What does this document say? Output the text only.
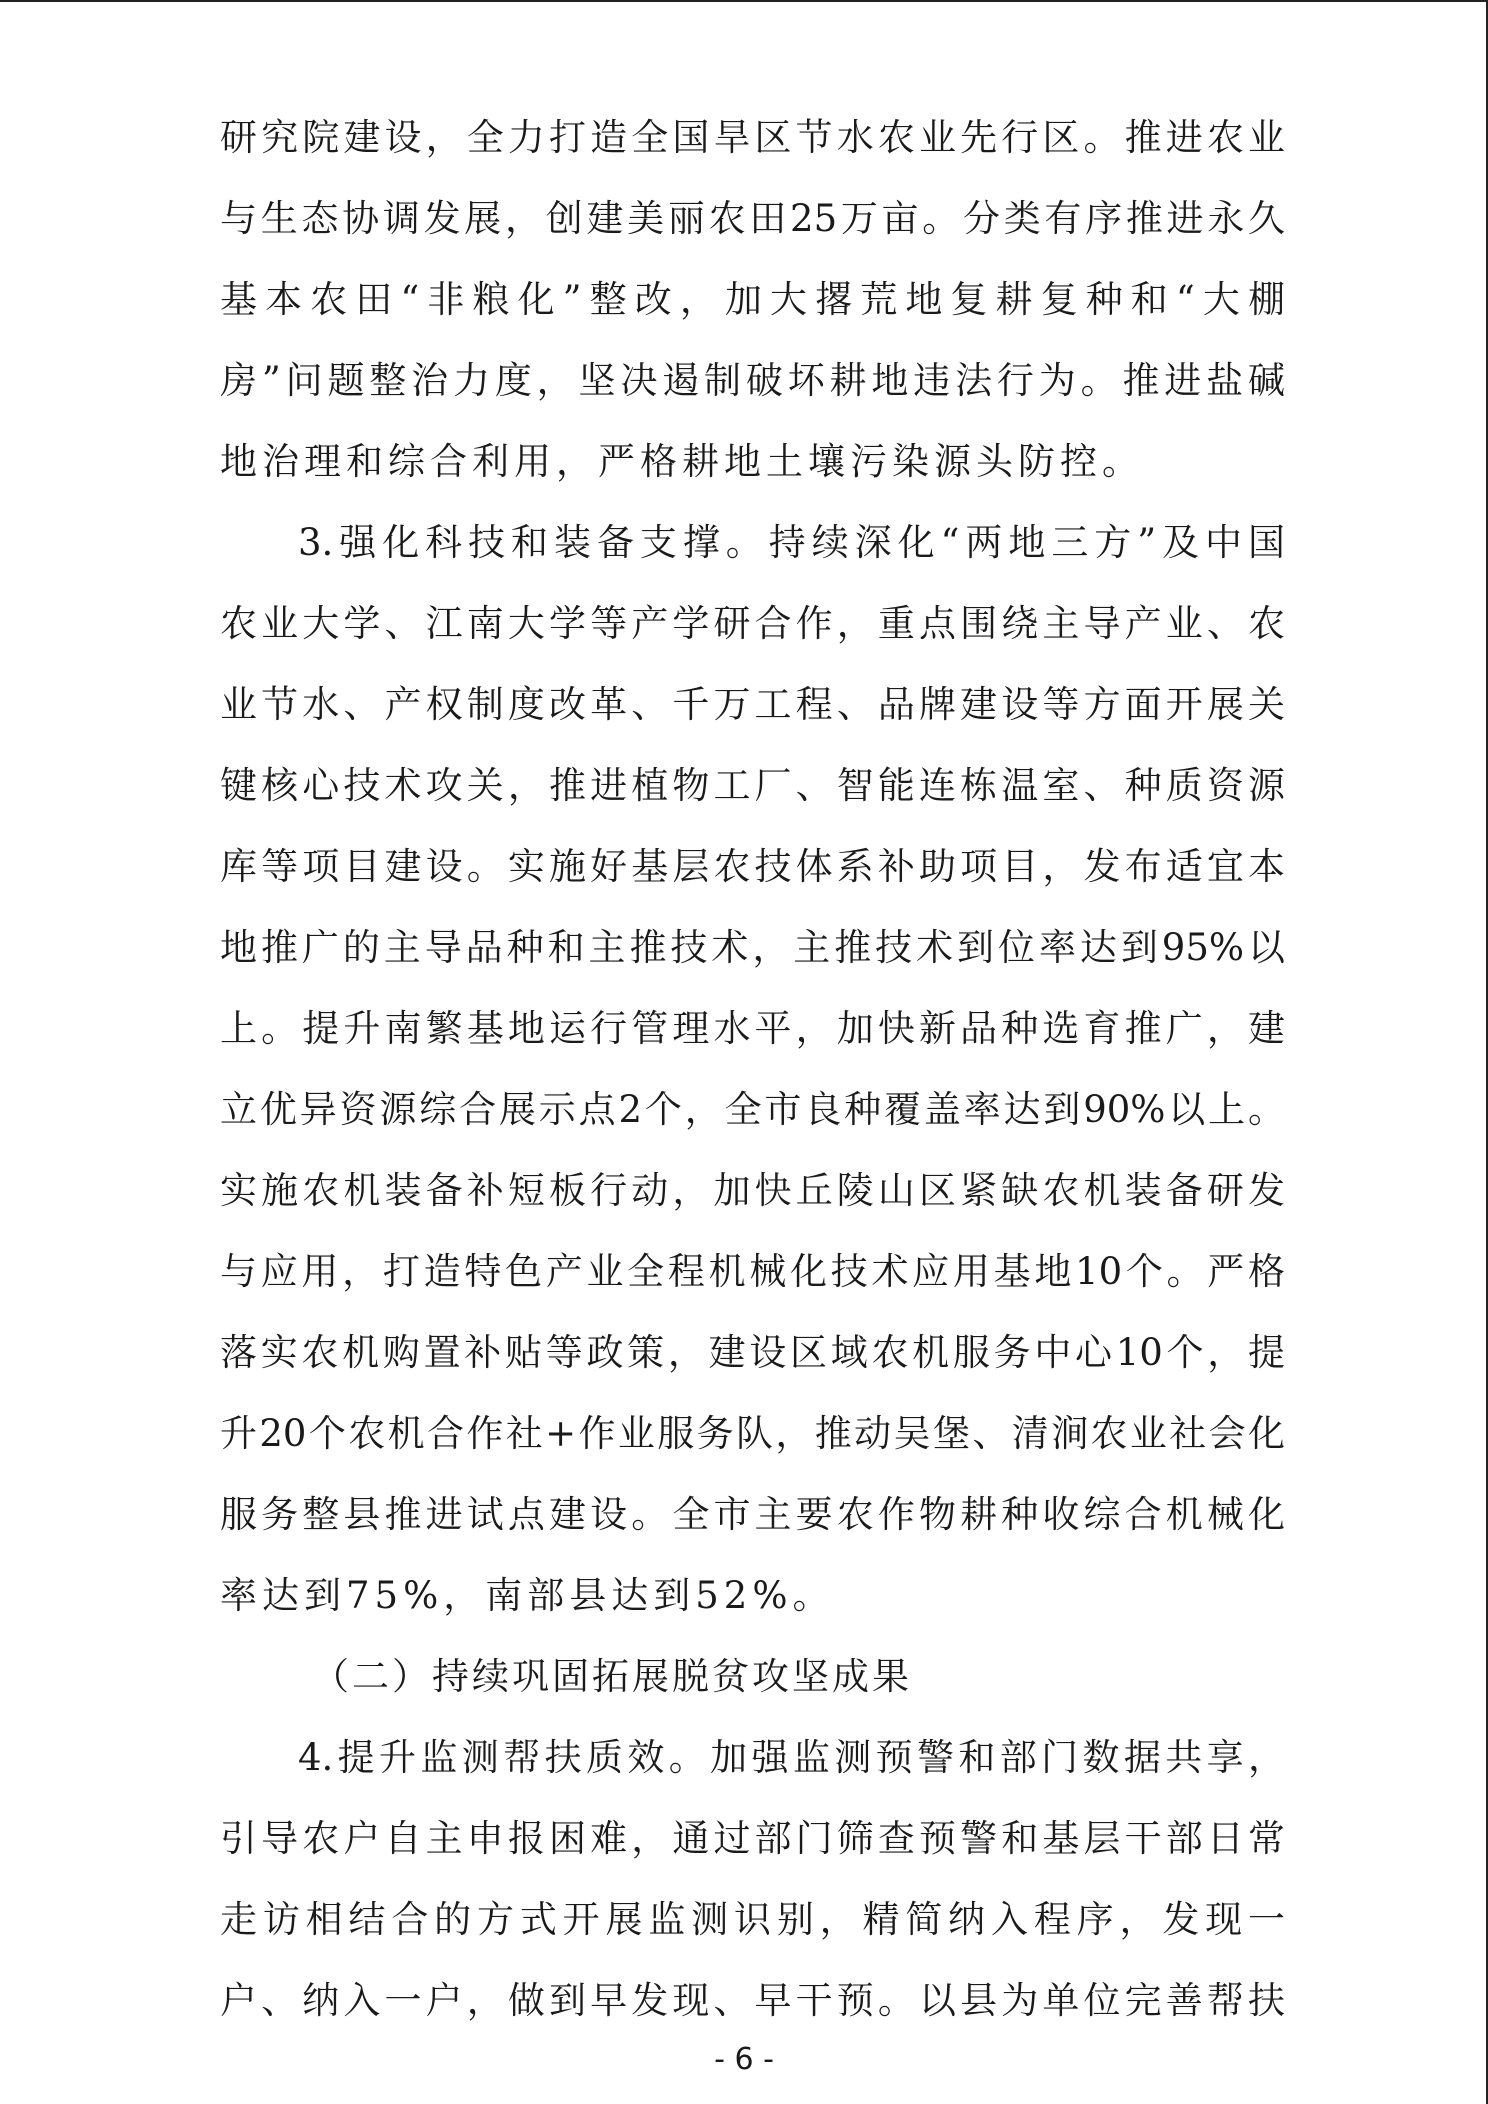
研究院建设，全力打造全国旱区节水农业先行区。推进农业
与生态协调发展，创建美丽农田25万亩。分类有序推进永久
基本农田“非粮化”整改，加大撂荒地复耕复种和“大棚
房”问题整治力度，坚决遏制破坏耕地违法行为。推进盐碱
地治理和综合利用，严格耕地土壤污染源头防控。
3.强化科技和装备支撑。持续深化“两地三方”及中国
农业大学、江南大学等产学研合作，重点围绕主导产业、农
业节水、产权制度改革、千万工程、品牌建设等方面开展关
键核心技术攻关，推进植物工厂、智能连栋温室、种质资源
库等项目建设。实施好基层农技体系补助项目，发布适宜本
地推广的主导品种和主推技术，主推技术到位率达到95%以
上。提升南繁基地运行管理水平，加快新品种选育推广，建
立优异资源综合展示点2个，全市良种覆盖率达到90%以上。
实施农机装备补短板行动，加快丘陵山区紧缺农机装备研发
与应用，打造特色产业全程机械化技术应用基地10个。严格
落实农机购置补贴等政策，建设区域农机服务中心10个，提
升20个农机合作社+作业服务队，推动吴堡、清涧农业社会化
服务整县推进试点建设。全市主要农作物耕种收综合机械化
率达到75%，南部县达到52%。
（二）持续巩固拓展脱贫攻坚成果
4.提升监测帮扶质效。加强监测预警和部门数据共享，
引导农户自主申报困难，通过部门筛查预警和基层干部日常
走访相结合的方式开展监测识别，精简纳入程序，发现一
户、纳入一户，做到早发现、早干预。以县为单位完善帮扶
- 6 -
